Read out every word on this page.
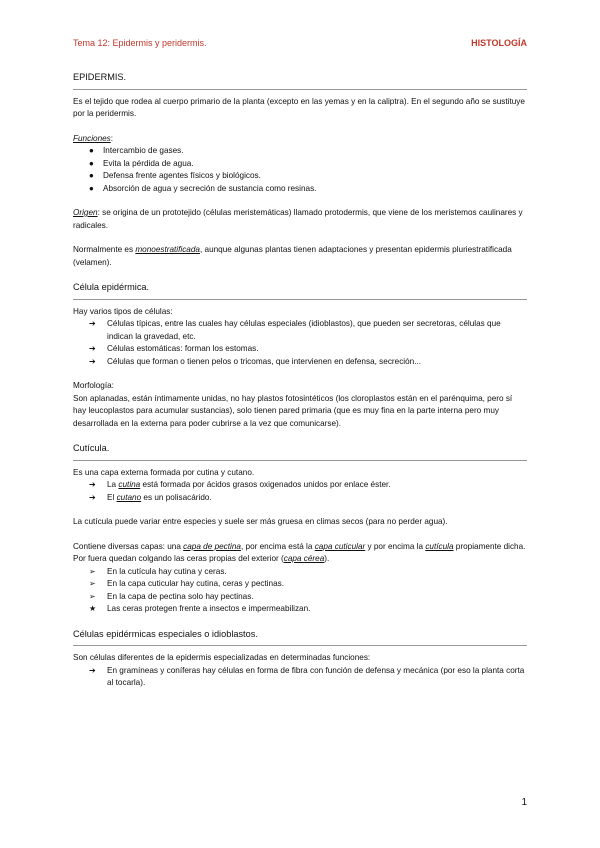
Tema 12: Epidermis y peridermis.	HISTOLOGÍA
EPIDERMIS.

Es el tejido que rodea al cuerpo primario de la planta (excepto en las yemas y en la caliptra). En el segundo año se sustituye por la peridermis.

Funciones:
● Intercambio de gases.
● Evita la pérdida de agua.
● Defensa frente agentes físicos y biológicos.
● Absorción de agua y secreción de sustancia como resinas.

Origen: se origina de un prototejido (células meristemáticas) llamado protodermis, que viene de los meristemos caulinares y radicales.

Normalmente es monoestratificada, aunque algunas plantas tienen adaptaciones y presentan epidermis pluriestratificada (velamen).

Célula epidérmica.
Hay varios tipos de células:
➔ Células típicas, entre las cuales hay células especiales (idioblastos), que pueden ser secretoras, células que indican la gravedad, etc.
➔ Células estomáticas: forman los estomas.
➔ Células que forman o tienen pelos o tricomas, que intervienen en defensa, secreción...
Morfología:

Son aplanadas, están íntimamente unidas, no hay plastos fotosintéticos (los cloroplastos están en el parénquima, pero sí hay leucoplastos para acumular sustancias), solo tienen pared primaria (que es muy fina en la parte interna pero muy desarrollada en la externa para poder cubrirse a la vez que comunicarse).

Cutícula.
Es una capa externa formada por cutina y cutano.
➔ La cutina está formada por ácidos grasos oxigenados unidos por enlace éster.
➔ El cutano es un polisacárido.

La cutícula puede variar entre especies y suele ser más gruesa en climas secos (para no perder agua).

Contiene diversas capas: una capa de pectina, por encima está la capa cuticular y por encima la cutícula propiamente dicha. Por fuera quedan colgando las ceras propias del exterior (capa cérea).
➢ En la cutícula hay cutina y ceras.
➢ En la capa cuticular hay cutina, ceras y pectinas.
➢ En la capa de pectina solo hay pectinas.
★ Las ceras protegen frente a insectos e impermeabilizan.
Células epidérmicas especiales o idioblastos.
Son células diferentes de la epidermis especializadas en determinadas funciones:
➔ En gramíneas y coníferas hay células en forma de fibra con función de defensa y mecánica (por eso la planta corta al tocarla).
1
